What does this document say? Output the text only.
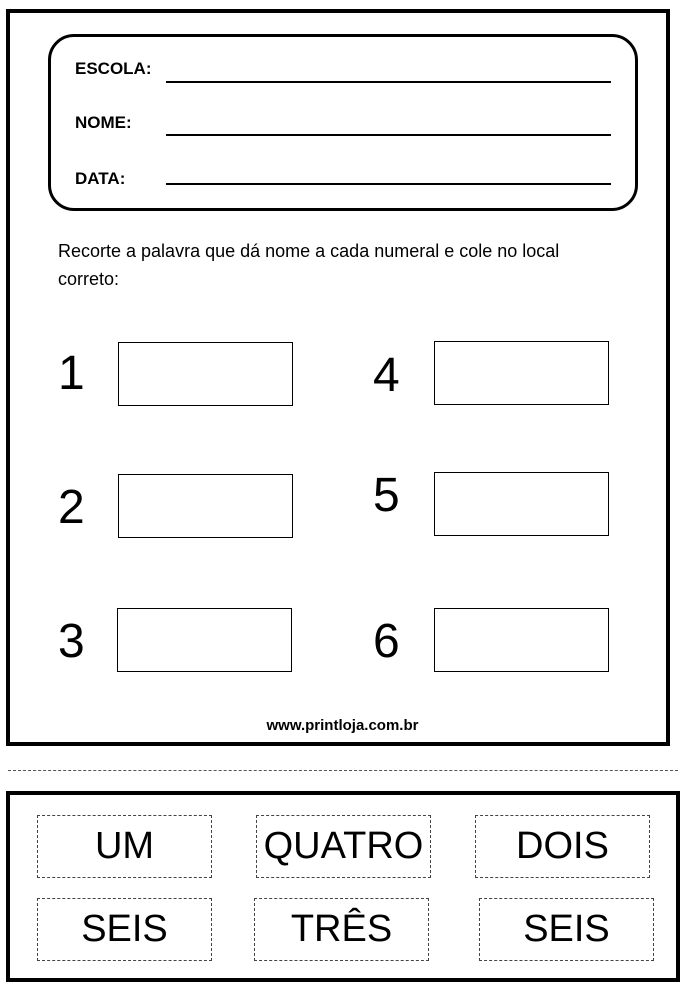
ESCOLA:
NOME:
DATA:
Recorte a palavra que dá nome a cada numeral e cole no local correto:
1
2
3
4
5
6
www.printloja.com.br
UM	QUATRO	DOIS
SEIS	TRÊS	SEIS
